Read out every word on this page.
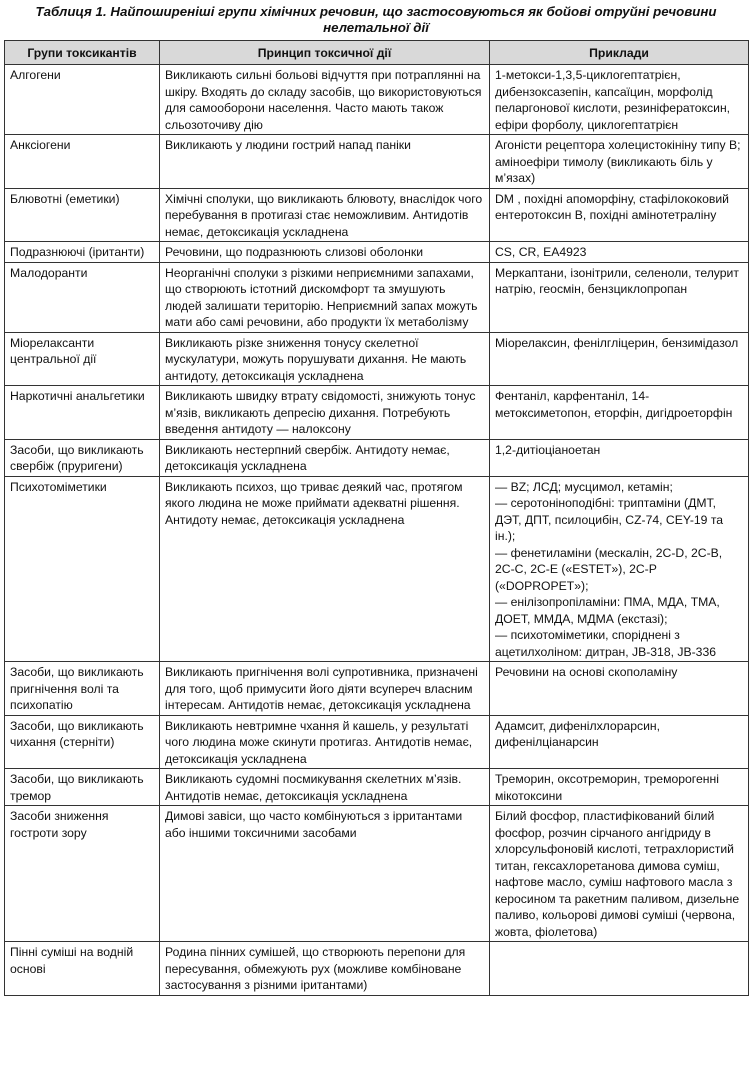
Таблиця 1. Найпоширеніші групи хімічних речовин, що застосовуються як бойові отруйні речовини нелетальної дії
Групи токсикантів	Принцип токсичної дії	Приклади
Алгогени	Викликають сильні больові відчуття при потраплянні на шкіру. Входять до складу засобів, що використовуються для самооборони населення. Часто мають також сльозоточиву дію	1-метокси-1,3,5-циклогептатрієн, дибензоксазепін, капсаїцин, морфолід пеларгонової кислоти, резиніфератоксин, ефіри форболу, циклогептатрієн
Анксіогени	Викликають у людини гострий напад паніки	Агоністи рецептора холецистокініну типу B; аміноефіри тимолу (викликають біль у м’язах)
Блювотні (еметики)	Хімічні сполуки, що викликають блювоту, внаслідок чого перебування в протигазі стає неможливим. Антидотів немає, детоксикація ускладнена	DM , похідні апоморфіну, стафілококовий ентеротоксин B, похідні амінотетраліну
Подразнюючі (іританти)	Речовини, що подразнюють слизові оболонки	CS, CR, EA4923
Малодоранти	Неорганічні сполуки з різкими неприємними запахами, що створюють істотний дискомфорт та змушують людей залишати територію. Неприємний запах можуть мати або самі речовини, або продукти їх метаболізму	Меркаптани, ізонітрили, селеноли, телурит натрію, геосмін, бензциклопропан
Міорелаксанти центральної дії	Викликають різке зниження тонусу скелетної мускулатури, можуть порушувати дихання. Не мають антидоту, детоксикація ускладнена	Міорелаксин, фенілгліцерин, бензимідазол
Наркотичні анальгетики	Викликають швидку втрату свідомості, знижують тонус м’язів, викликають депресію дихання. Потребують введення антидоту — налоксону	Фентаніл, карфентаніл, 14-метоксиметопон, еторфін, дигідроеторфін
Засоби, що викликають свербіж (пруригени)	Викликають нестерпний свербіж. Антидоту немає, детоксикація ускладнена	1,2-дитіоціаноетан
Психотоміметики	Викликають психоз, що триває деякий час, протягом якого людина не може приймати адекватні рішення. Антидоту немає, детоксикація ускладнена	— BZ; ЛСД; мусцимол, кетамін;
— серотонінoподібні: триптаміни (ДМТ, ДЭТ, ДПТ, псилоцибін, CZ-74, CEY-19 та ін.);
— фенетиламіни (мескалін, 2C-D, 2C-B, 2C-C, 2C-E («ESTET»), 2C-P («DOPROPET»);
— енілізопропіламіни: ПМА, МДА, ТМА, ДОЕТ, ММДА, МДМА (екстазі);
— психотоміметики, споріднені з ацетилхоліном: дитран, JB-318, JB-336

Засоби, що викликають пригнічення волі та психопатію	Викликають пригнічення волі супротивника, призначені для того, щоб примусити його діяти всупереч власним інтересам. Антидотів немає, детоксикація ускладнена	Речовини на основі скополаміну
Засоби, що викликають чихання (стерніти)	Викликають невтримне чхання й кашель, у результаті чого людина може скинути протигаз. Антидотів немає, детоксикація ускладнена	Адамсит, дифенілхлорарсин, дифенілціанарсин
Засоби, що викликають тремор	Викликають судомні посмикування скелетних м’язів. Антидотів немає, детоксикація ускладнена	Треморин, оксотреморин, треморогенні мікотоксини
Засоби зниження гостроти зору	Димові завіси, що часто комбінуються з ірритантами або іншими токсичними засобами	Білий фосфор, пластифікований білий фосфор, розчин сірчаного ангідриду в хлорсульфоновій кислоті, тетрахлористий титан, гексахлоретанова димова суміш, нафтове масло, суміш нафтового масла з керосином та ракетним паливом, дизельне паливо, кольорові димові суміші (червона, жовта, фіолетова)
Пінні суміші на водній основі	Родина пінних сумішей, що створюють перепони для пересування, обмежують рух (можливе комбіноване застосування з різними іритантами)	
